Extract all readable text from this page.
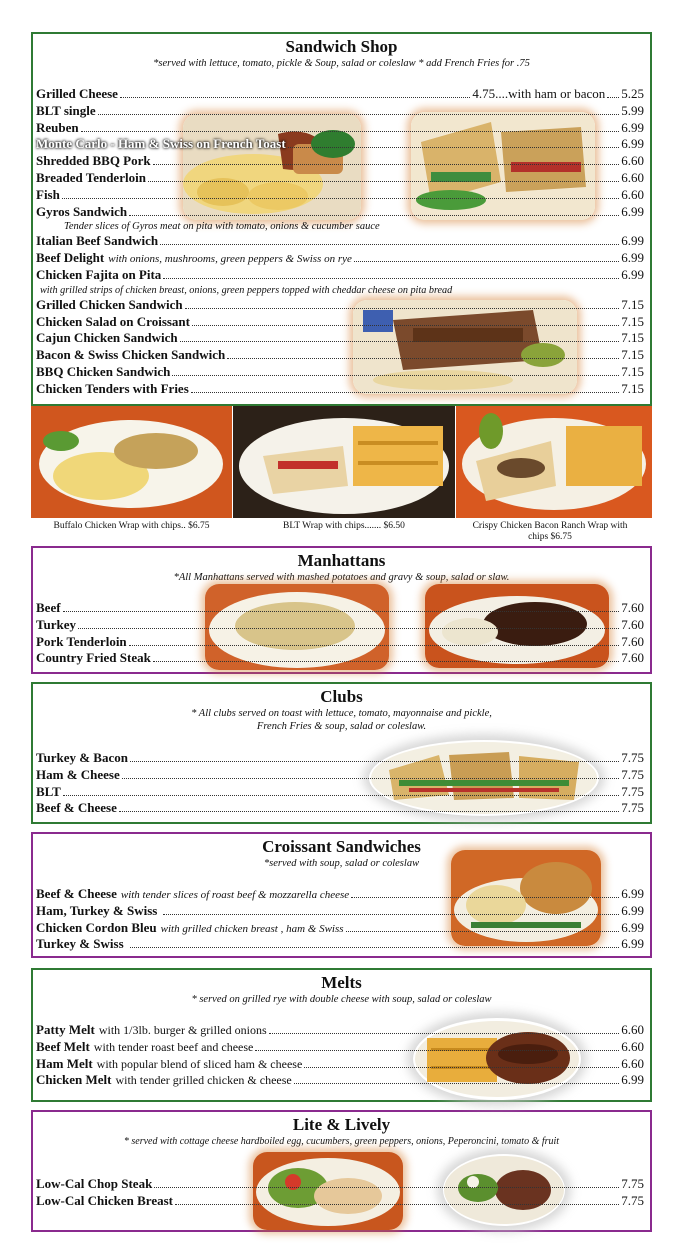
Sandwich Shop
*served with lettuce, tomato, pickle & Soup, salad or coleslaw * add French Fries for .75
Grilled Cheese	4.75 ....with ham or bacon 5.25
BLT single	5.99
Reuben	6.99
Monte Carlo - Ham & Swiss on French Toast	6.99
Shredded BBQ Pork	6.60
Breaded Tenderloin	6.60
Fish	6.60
Gyros Sandwich	6.99
Tender slices of Gyros meat on pita with tomato, onions & cucumber sauce
Italian Beef Sandwich	6.99
Beef Delight with onions, mushrooms, green peppers & Swiss on rye	6.99
Chicken Fajita on Pita	6.99
with grilled strips of chicken breast, onions, green peppers topped with cheddar cheese on pita bread
Grilled Chicken Sandwich	7.15
Chicken Salad on Croissant	7.15
Cajun Chicken Sandwich	7.15
Bacon & Swiss Chicken Sandwich	7.15
BBQ Chicken Sandwich	7.15
Chicken Tenders with Fries	7.15
Buffalo Chicken Wrap with chips.. $6.75	BLT Wrap with chips....... $6.50	Crispy Chicken Bacon Ranch Wrap with chips $6.75
Manhattans
*All Manhattans served with mashed potatoes and gravy & soup, salad or slaw.
Beef	7.60
Turkey	7.60
Pork Tenderloin	7.60
Country Fried Steak	7.60
Clubs
* All clubs served on toast with lettuce, tomato, mayonnaise and pickle,
French Fries & soup, salad or coleslaw.
Turkey & Bacon	7.75
Ham & Cheese	7.75
BLT	7.75
Beef & Cheese	7.75
Croissant Sandwiches
*served with soup, salad or coleslaw
Beef & Cheese with tender slices of roast beef & mozzarella cheese	6.99
Ham, Turkey & Swiss	6.99
Chicken Cordon Bleu with grilled chicken breast , ham & Swiss	6.99
Turkey & Swiss	6.99
Melts
* served on grilled rye with double cheese with soup, salad or coleslaw
Patty Melt with 1/3lb. burger & grilled onions	6.60
Beef Melt with tender roast beef and cheese	6.60
Ham Melt with popular blend of sliced ham & cheese	6.60
Chicken Melt with tender grilled chicken & cheese	6.99
Lite & Lively
* served with cottage cheese hardboiled egg, cucumbers, green peppers, onions, Peperoncini, tomato & fruit
Low-Cal Chop Steak	7.75
Low-Cal Chicken Breast	7.75
